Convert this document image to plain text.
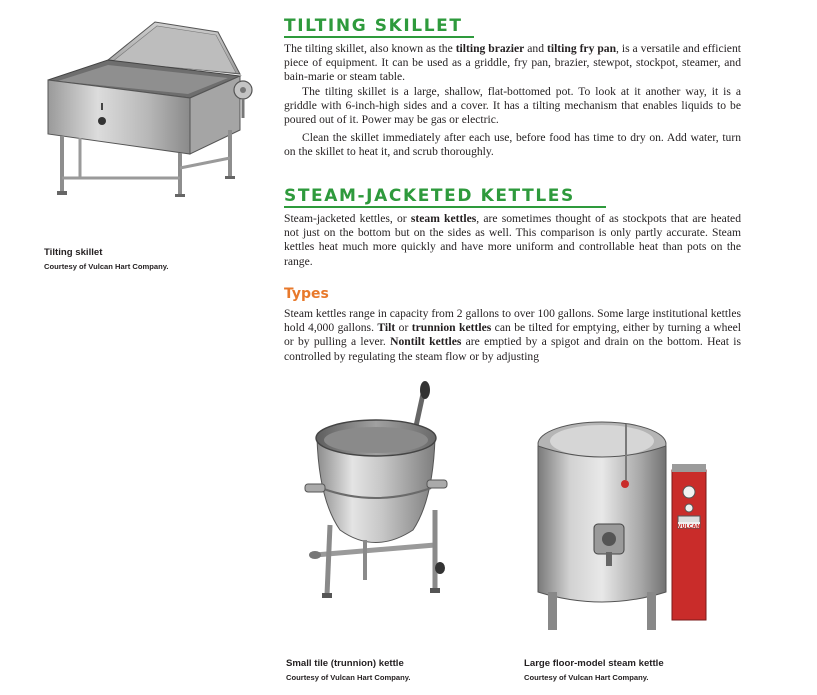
Tilting skillet
Courtesy of Vulcan Hart Company.
TILTING SKILLET
The tilting skillet, also known as the tilting brazier and tilting fry pan, is a versatile and efficient piece of equipment. It can be used as a griddle, fry pan, brazier, stewpot, stockpot, steamer, and bain-marie or steam table.
The tilting skillet is a large, shallow, flat-bottomed pot. To look at it another way, it is a griddle with 6-inch-high sides and a cover. It has a tilting mechanism that enables liquids to be poured out of it. Power may be gas or electric.
Clean the skillet immediately after each use, before food has time to dry on. Add water, turn on the skillet to heat it, and scrub thoroughly.
STEAM-JACKETED KETTLES
Steam-jacketed kettles, or steam kettles, are sometimes thought of as stockpots that are heated not just on the bottom but on the sides as well. This comparison is only partly accurate. Steam kettles heat much more quickly and have more uniform and controllable heat than pots on the range.
Types
Steam kettles range in capacity from 2 gallons to over 100 gallons. Some large institutional kettles hold 4,000 gallons. Tilt or trunnion kettles can be tilted for emptying, either by turning a wheel or by pulling a lever. Nontilt kettles are emptied by a spigot and drain on the bottom. Heat is controlled by regulating the steam flow or by adjusting
Small tile (trunnion) kettle
Courtesy of Vulcan Hart Company.
VULCAN
Large floor-model steam kettle
Courtesy of Vulcan Hart Company.
